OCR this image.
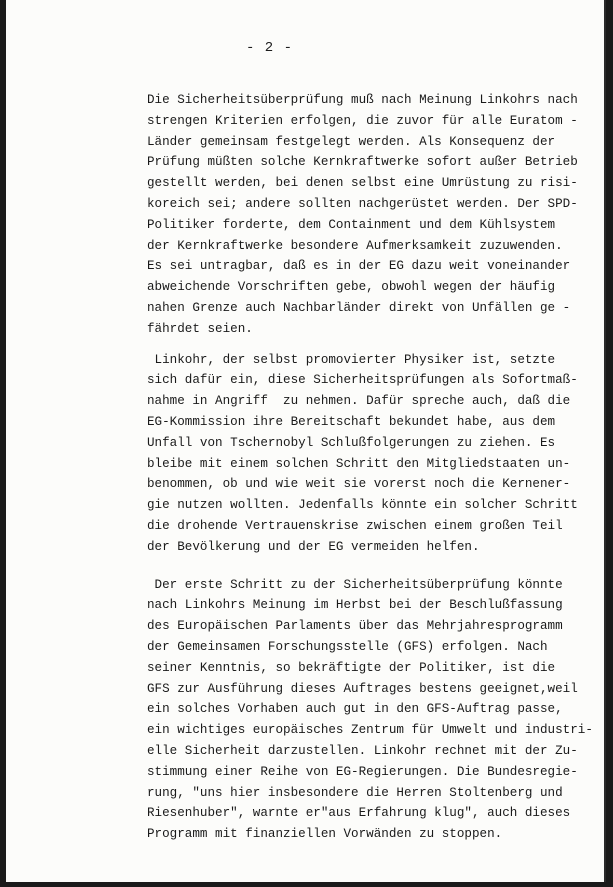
- 2 -

Die Sicherheitsüberprüfung muß nach Meinung Linkohrs nach
strengen Kriterien erfolgen, die zuvor für alle Euratom -
Länder gemeinsam festgelegt werden. Als Konsequenz der
Prüfung müßten solche Kernkraftwerke sofort außer Betrieb
gestellt werden, bei denen selbst eine Umrüstung zu risi-
koreich sei; andere sollten nachgerüstet werden. Der SPD-
Politiker forderte, dem Containment und dem Kühlsystem
der Kernkraftwerke besondere Aufmerksamkeit zuzuwenden.
Es sei untragbar, daß es in der EG dazu weit voneinander
abweichende Vorschriften gebe, obwohl wegen der häufig
nahen Grenze auch Nachbarländer direkt von Unfällen ge -
fährdet seien.

Linkohr, der selbst promovierter Physiker ist, setzte
sich dafür ein, diese Sicherheitsprüfungen als Sofortmaß-
nahme in Angriff  zu nehmen. Dafür spreche auch, daß die
EG-Kommission ihre Bereitschaft bekundet habe, aus dem
Unfall von Tschernobyl Schlußfolgerungen zu ziehen. Es
bleibe mit einem solchen Schritt den Mitgliedstaaten un-
benommen, ob und wie weit sie vorerst noch die Kernener-
gie nutzen wollten. Jedenfalls könnte ein solcher Schritt
die drohende Vertrauenskrise zwischen einem großen Teil
der Bevölkerung und der EG vermeiden helfen.

Der erste Schritt zu der Sicherheitsüberprüfung könnte
nach Linkohrs Meinung im Herbst bei der Beschlußfassung
des Europäischen Parlaments über das Mehrjahresprogramm
der Gemeinsamen Forschungsstelle (GFS) erfolgen. Nach
seiner Kenntnis, so bekräftigte der Politiker, ist die
GFS zur Ausführung dieses Auftrages bestens geeignet,weil
ein solches Vorhaben auch gut in den GFS-Auftrag passe,
ein wichtiges europäisches Zentrum für Umwelt und industri-
elle Sicherheit darzustellen. Linkohr rechnet mit der Zu-
stimmung einer Reihe von EG-Regierungen. Die Bundesregie-
rung, "uns hier insbesondere die Herren Stoltenberg und
Riesenhuber", warnte er"aus Erfahrung klug", auch dieses
Programm mit finanziellen Vorwänden zu stoppen.
